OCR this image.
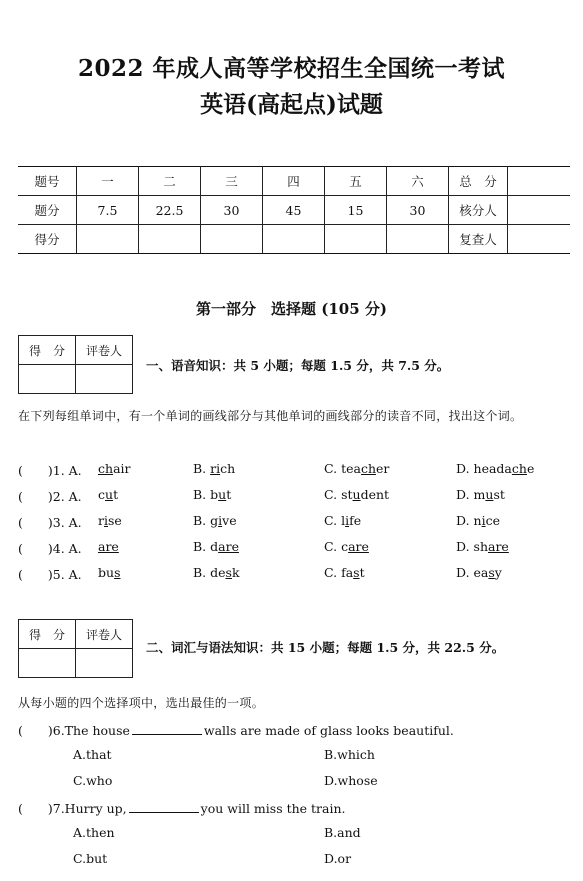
2022 年成人高等学校招生全国统一考试
英语(高起点)试题
题号	一	二	三	四	五	六	总　分	
题分	7.5	22.5	30	45	15	30	核分人	
得分							复查人	
第一部分　选择题 (105 分)
得　分	评卷人

一、语音知识：共 5 小题；每题 1.5 分，共 7.5 分。
在下列每组单词中，有一个单词的画线部分与其他单词的画线部分的读音不同，找出这个词。
(　　)1. A. chair	B. rich	C. teacher	D. headache
(　　)2. A. cut	B. but	C. student	D. must
(　　)3. A. rise	B. give	C. life	D. nice
(　　)4. A. are	B. dare	C. care	D. share
(　　)5. A. bus	B. desk	C. fast	D. easy
得　分	评卷人

二、词汇与语法知识：共 15 小题；每题 1.5 分，共 22.5 分。
从每小题的四个选择项中，选出最佳的一项。
(　　)6.The house	walls are made of glass looks beautiful.
A.that	B.which
C.who	D.whose
(　　)7.Hurry up,	you will miss the train.
A.then	B.and
C.but	D.or
